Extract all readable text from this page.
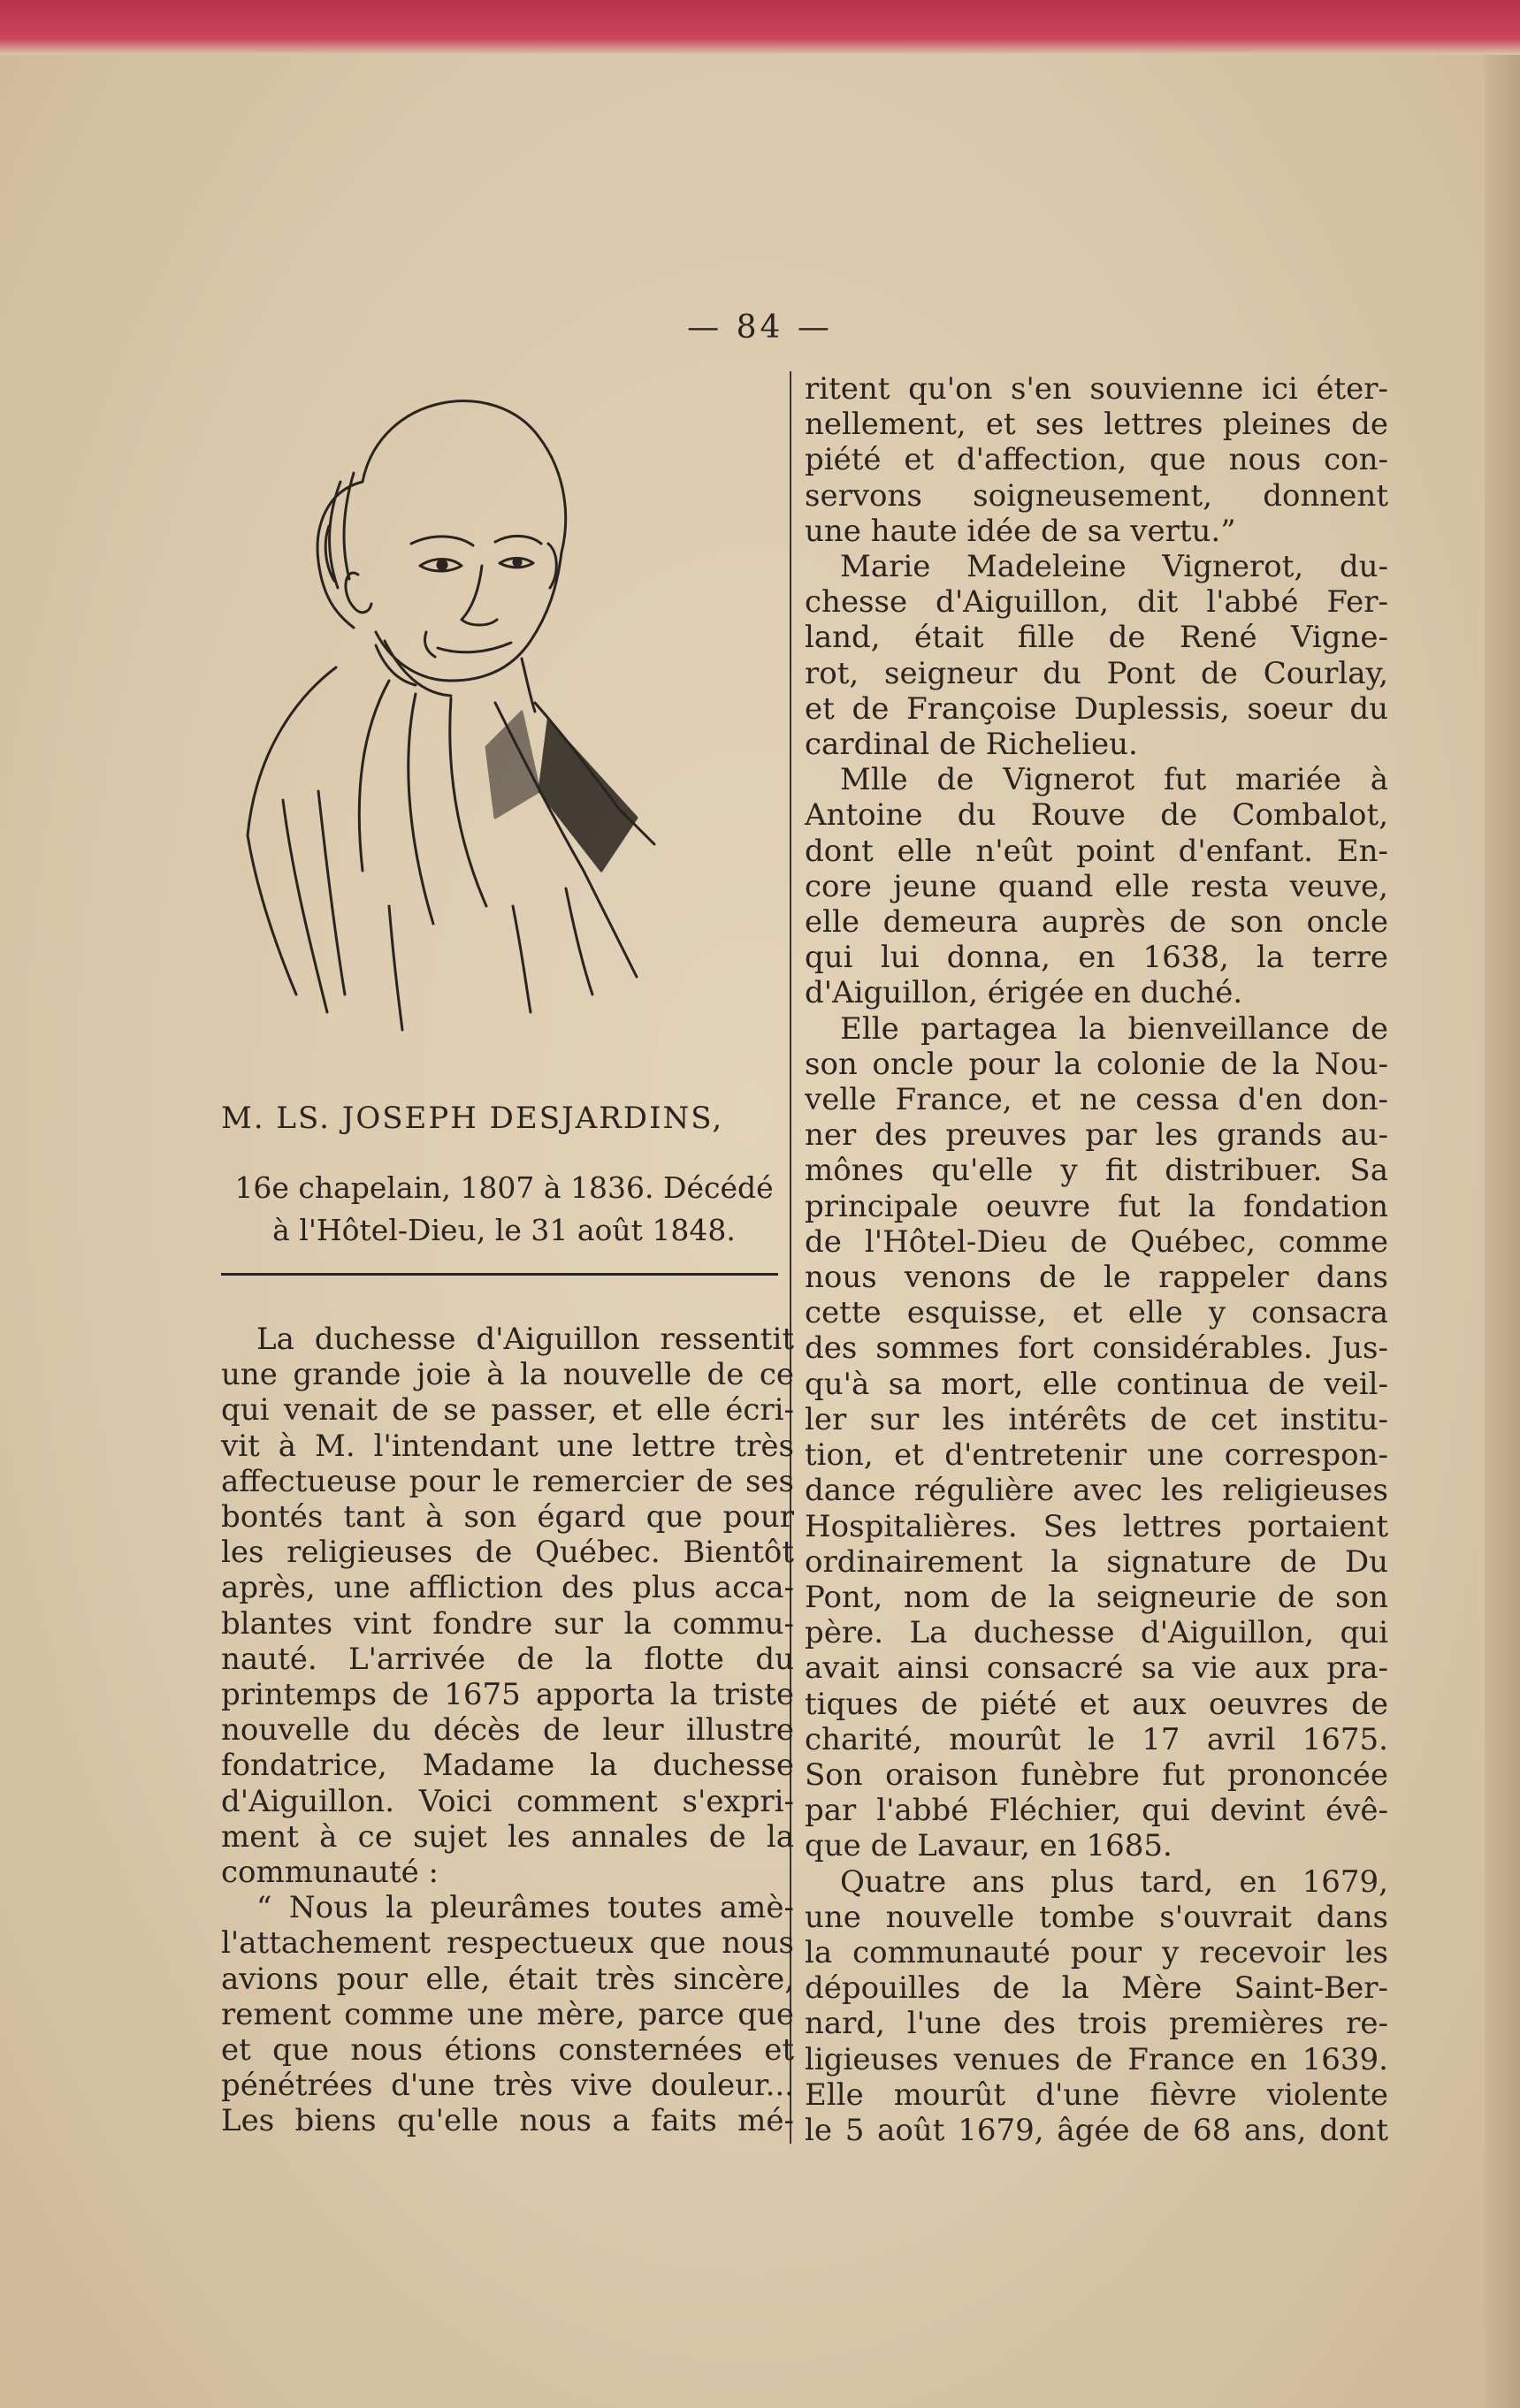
— 84 —
M. LS. JOSEPH DESJARDINS,
16e chapelain, 1807 à 1836. Décédé
à l'Hôtel-Dieu, le 31 août 1848.
La duchesse d'Aiguillon ressentit
une grande joie à la nouvelle de ce
qui venait de se passer, et elle écri-
vit à M. l'intendant une lettre très
affectueuse pour le remercier de ses
bontés tant à son égard que pour
les religieuses de Québec. Bientôt
après, une affliction des plus acca-
blantes vint fondre sur la commu-
nauté. L'arrivée de la flotte du
printemps de 1675 apporta la triste
nouvelle du décès de leur illustre
fondatrice, Madame la duchesse
d'Aiguillon. Voici comment s'expri-
ment à ce sujet les annales de la
communauté :
“ Nous la pleurâmes toutes amè-
l'attachement respectueux que nous
avions pour elle, était très sincère,
rement comme une mère, parce que
et que nous étions consternées et
pénétrées d'une très vive douleur...
Les biens qu'elle nous a faits mé-
ritent qu'on s'en souvienne ici éter-
nellement, et ses lettres pleines de
piété et d'affection, que nous con-
servons soigneusement, donnent
une haute idée de sa vertu.”
Marie Madeleine Vignerot, du-
chesse d'Aiguillon, dit l'abbé Fer-
land, était fille de René Vigne-
rot, seigneur du Pont de Courlay,
et de Françoise Duplessis, soeur du
cardinal de Richelieu.
Mlle de Vignerot fut mariée à
Antoine du Rouve de Combalot,
dont elle n'eût point d'enfant. En-
core jeune quand elle resta veuve,
elle demeura auprès de son oncle
qui lui donna, en 1638, la terre
d'Aiguillon, érigée en duché.
Elle partagea la bienveillance de
son oncle pour la colonie de la Nou-
velle France, et ne cessa d'en don-
ner des preuves par les grands au-
mônes qu'elle y fit distribuer. Sa
principale oeuvre fut la fondation
de l'Hôtel-Dieu de Québec, comme
nous venons de le rappeler dans
cette esquisse, et elle y consacra
des sommes fort considérables. Jus-
qu'à sa mort, elle continua de veil-
ler sur les intérêts de cet institu-
tion, et d'entretenir une correspon-
dance régulière avec les religieuses
Hospitalières. Ses lettres portaient
ordinairement la signature de Du
Pont, nom de la seigneurie de son
père. La duchesse d'Aiguillon, qui
avait ainsi consacré sa vie aux pra-
tiques de piété et aux oeuvres de
charité, mourût le 17 avril 1675.
Son oraison funèbre fut prononcée
par l'abbé Fléchier, qui devint évê-
que de Lavaur, en 1685.
Quatre ans plus tard, en 1679,
une nouvelle tombe s'ouvrait dans
la communauté pour y recevoir les
dépouilles de la Mère Saint-Ber-
nard, l'une des trois premières re-
ligieuses venues de France en 1639.
Elle mourût d'une fièvre violente
le 5 août 1679, âgée de 68 ans, dont
